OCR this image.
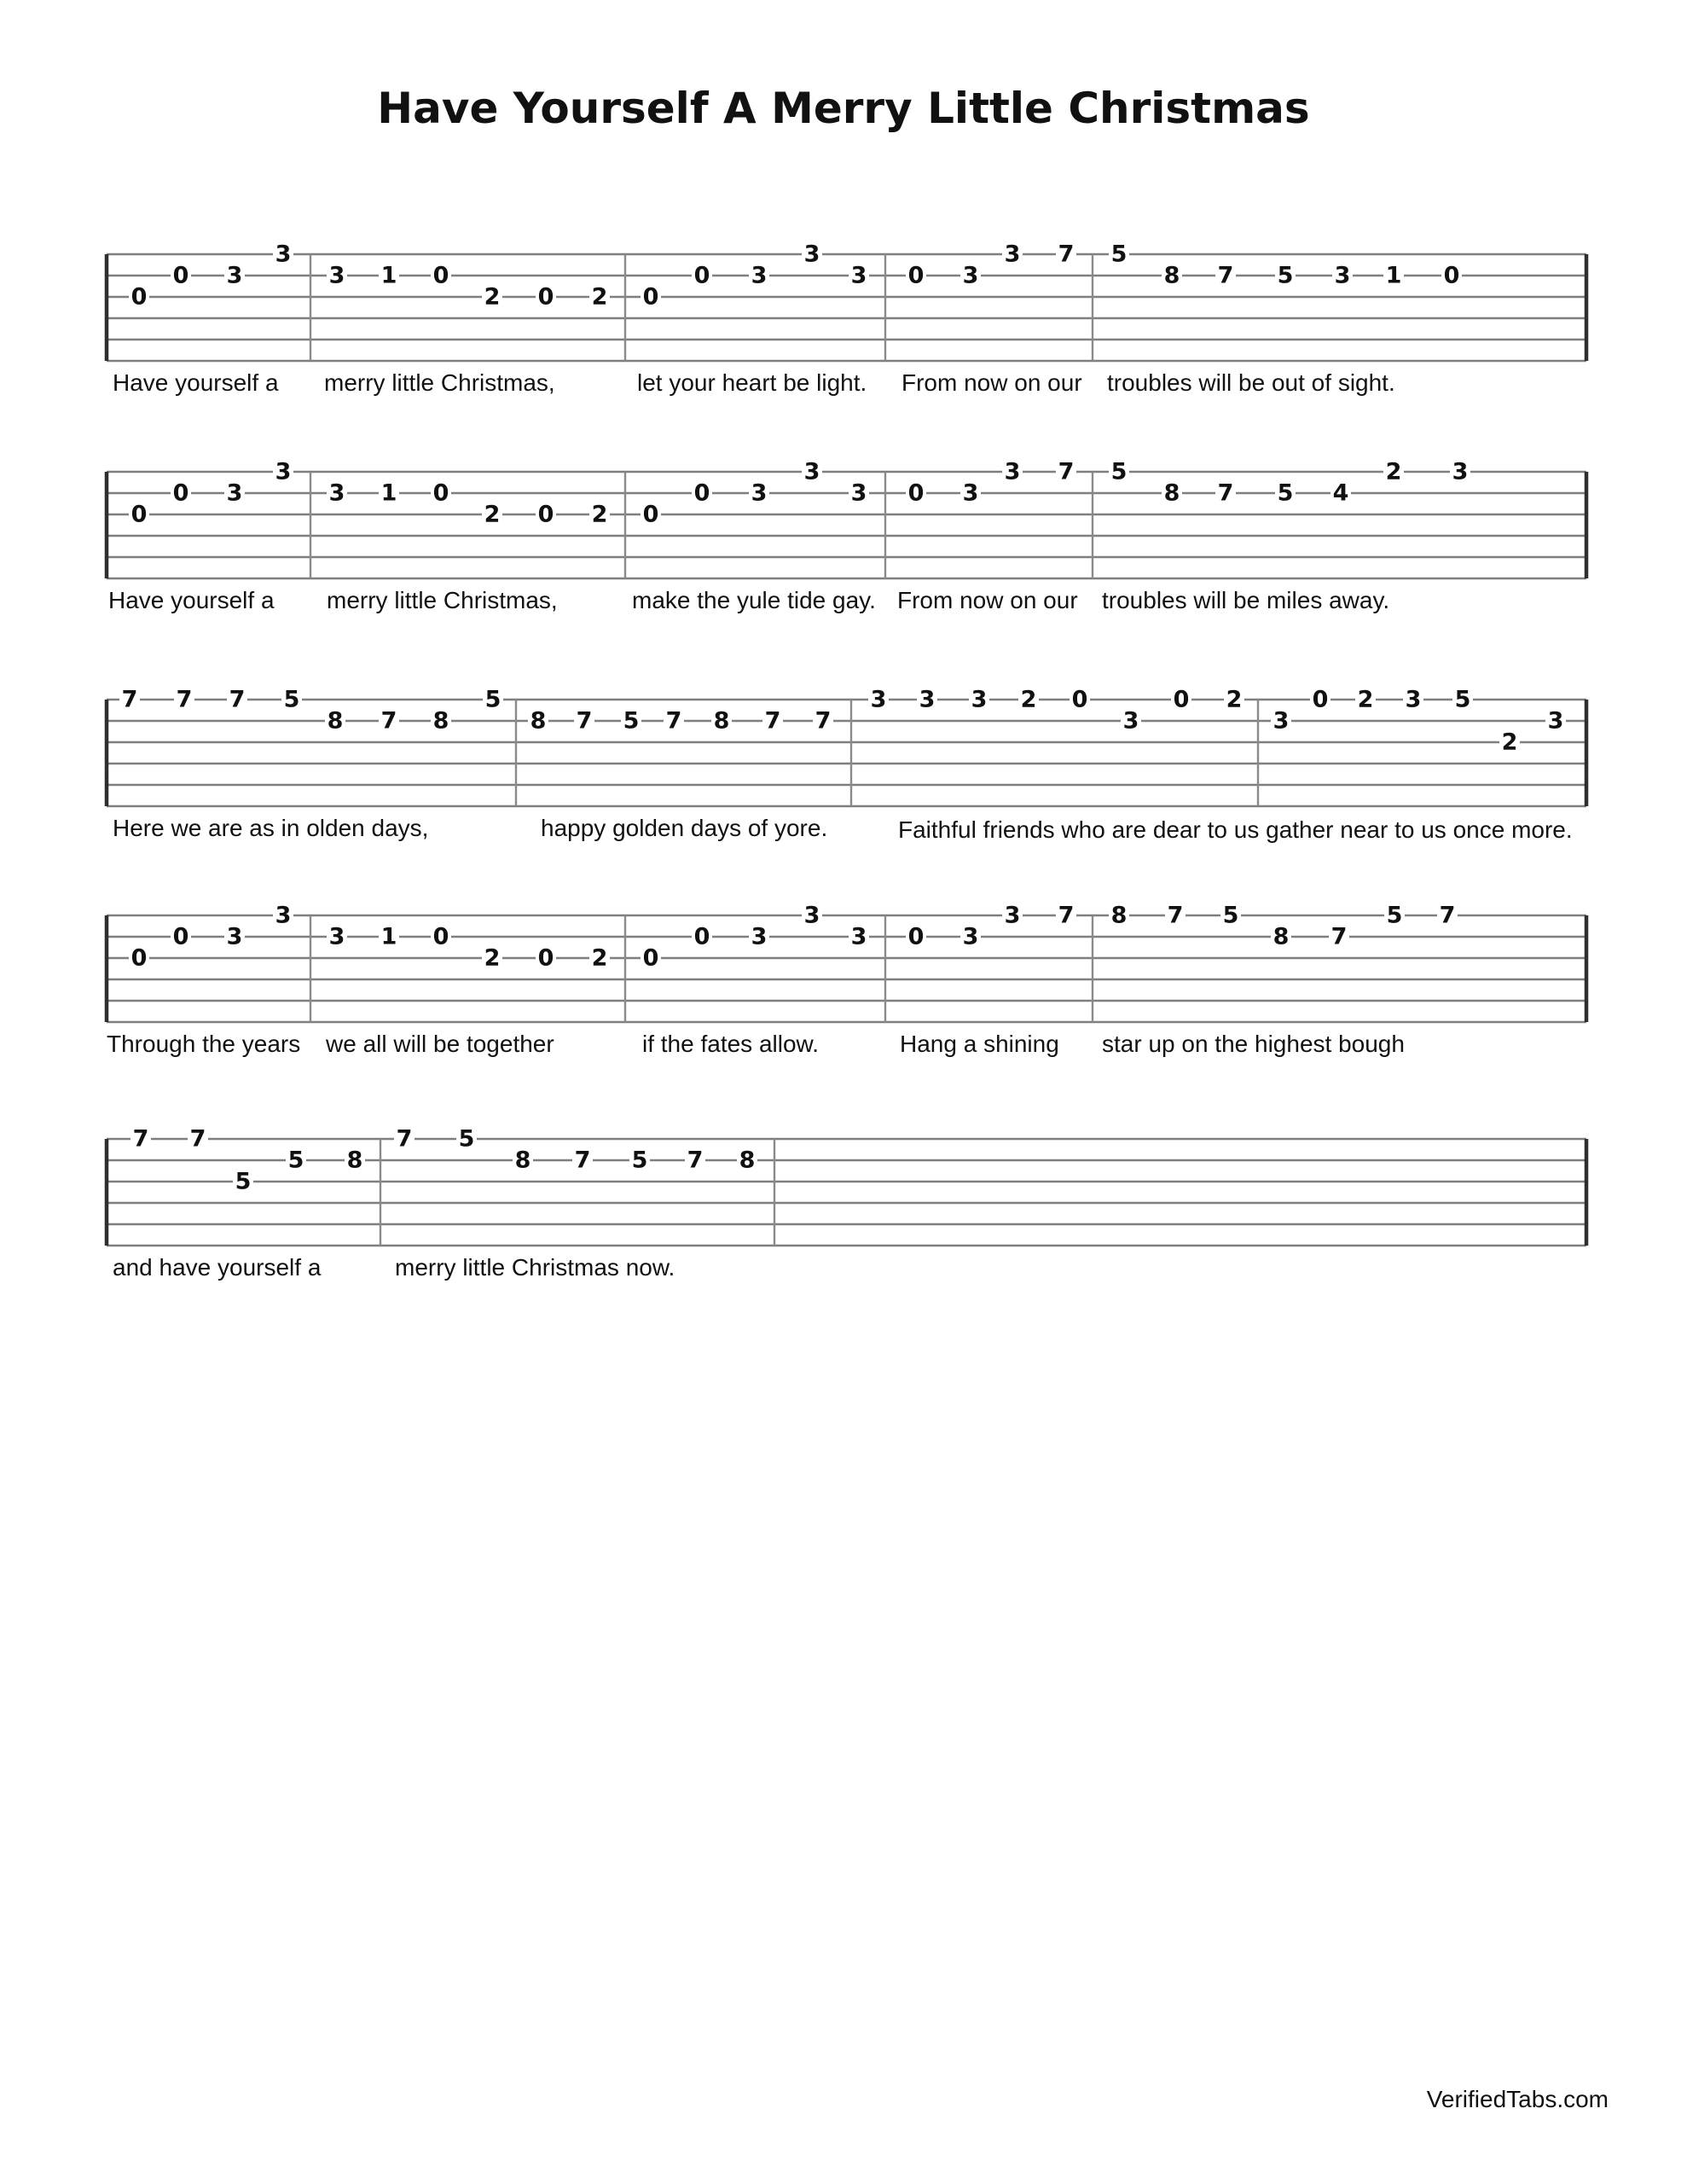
Have Yourself A Merry Little Christmas
0
0 3
3
3 1 0
2 0 2 0
0 3
3
3 0 3
3 7 5
8 7 5 3 1 0
Have yourself a merry little Christmas,	let your heart be light. From now on our troubles will be out of sight.
0
0 3
3
3 1 0
2 0 2 0
0 3
3
3 0 3
3 7 5
8 7 5 4
2 3
Have yourself a merry little Christmas,	make the yule tide gay. From now on our troubles will be miles away.
7 7 7 5
8 7 8
5
8 7 5 7 8 7 7
3 3 3 2 0
3
0 2
3
0 2 3 5
2
3
Here we are as in olden days,	happy golden days of yore.
0
0 3
3
3 1 0
2 0 2 0
0 3
3
3 0 3
3 7 8 7 5
8 7
5 7
Through the years we all will be together	if the fates allow.	Hang a shining star up on the highest bough
7 7
5
5 8
7 5
8 7 5 7 8
and have yourself a	merry little Christmas now.
Faithful friends who are dear to us gather near to us once more.
VerifiedTabs.com
